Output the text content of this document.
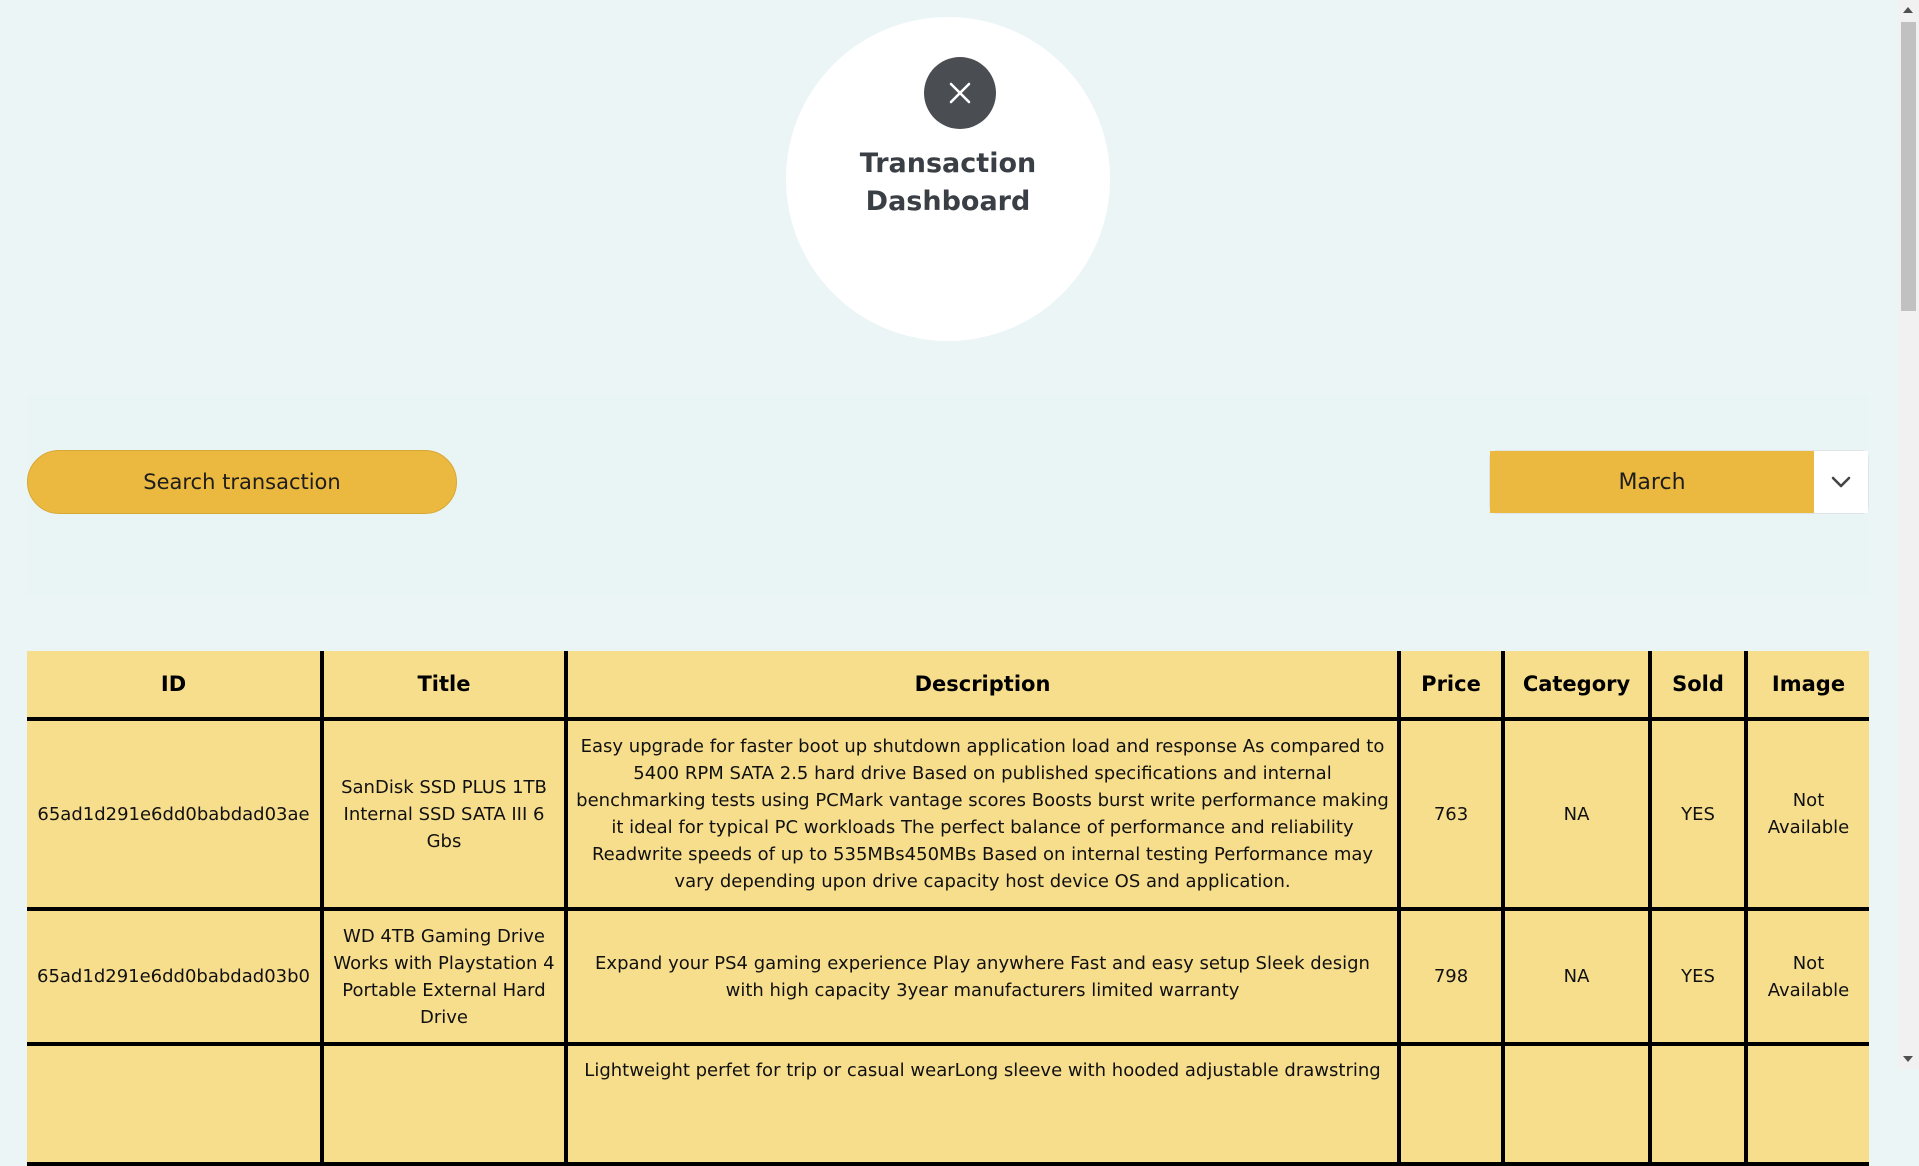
Transaction Dashboard
Search transaction
March
ID	Title	Description	Price	Category	Sold	Image
65ad1d291e6dd0babdad03ae	SanDisk SSD PLUS 1TB Internal SSD SATA III 6 Gbs	Easy upgrade for faster boot up shutdown application load and response As compared to 5400 RPM SATA 2.5 hard drive Based on published specifications and internal benchmarking tests using PCMark vantage scores Boosts burst write performance making it ideal for typical PC workloads The perfect balance of performance and reliability Readwrite speeds of up to 535MBs450MBs Based on internal testing Performance may vary depending upon drive capacity host device OS and application.	763	NA	YES	Not Available
65ad1d291e6dd0babdad03b0	WD 4TB Gaming Drive Works with Playstation 4 Portable External Hard Drive	Expand your PS4 gaming experience Play anywhere Fast and easy setup Sleek design with high capacity 3year manufacturers limited warranty	798	NA	YES	Not Available
		Lightweight perfet for trip or casual wearLong sleeve with hooded adjustable drawstring				
